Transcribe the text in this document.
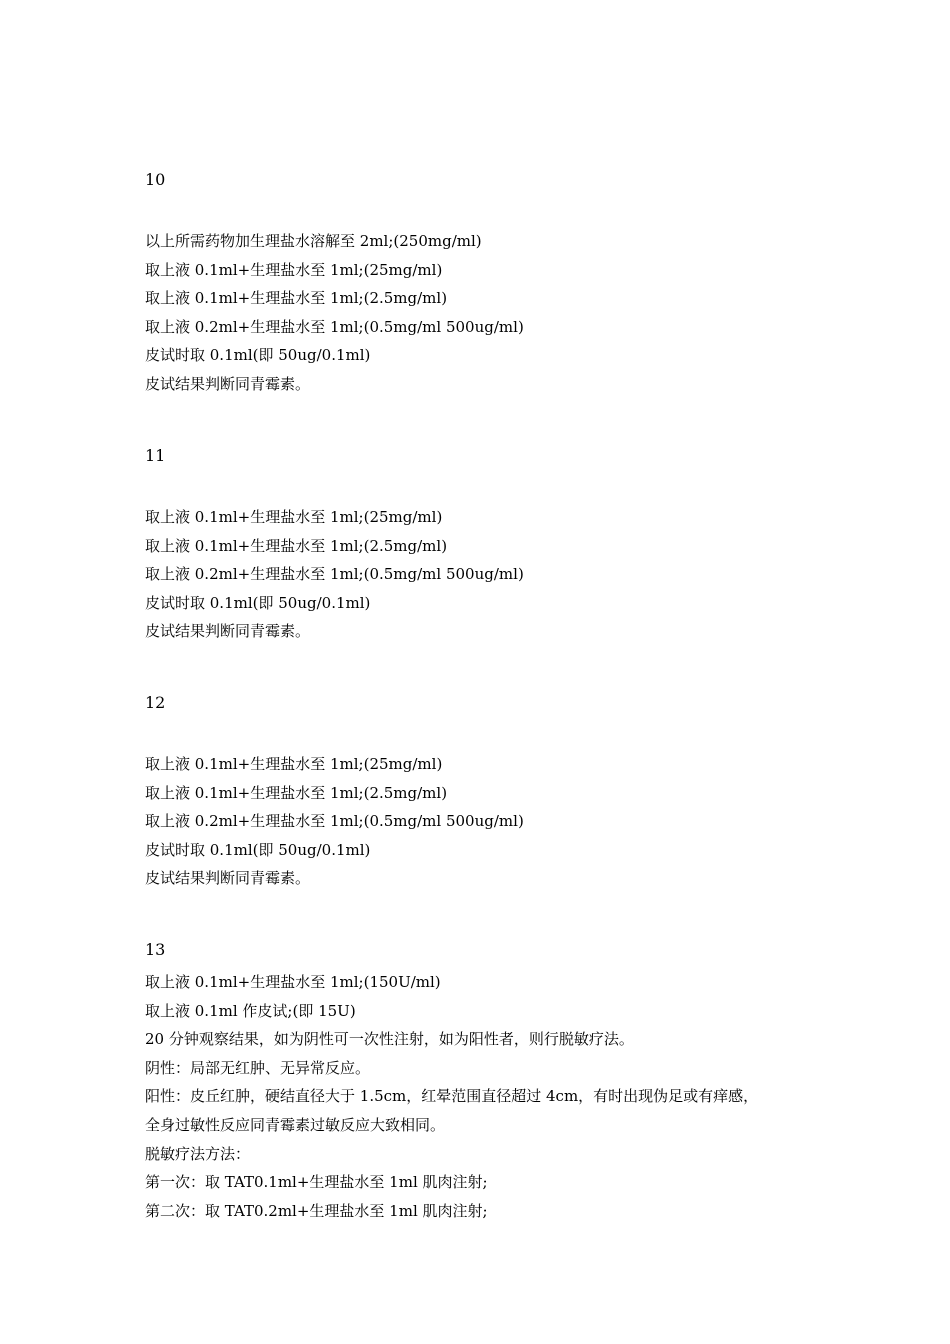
10
以上所需药物加生理盐水溶解至 2ml;(250mg/ml)
取上液 0.1ml+生理盐水至 1ml;(25mg/ml)
取上液 0.1ml+生理盐水至 1ml;(2.5mg/ml)
取上液 0.2ml+生理盐水至 1ml;(0.5mg/ml 500ug/ml)
皮试时取 0.1ml(即 50ug/0.1ml)
皮试结果判断同青霉素。
11
取上液 0.1ml+生理盐水至 1ml;(25mg/ml)
取上液 0.1ml+生理盐水至 1ml;(2.5mg/ml)
取上液 0.2ml+生理盐水至 1ml;(0.5mg/ml 500ug/ml)
皮试时取 0.1ml(即 50ug/0.1ml)
皮试结果判断同青霉素。
12
取上液 0.1ml+生理盐水至 1ml;(25mg/ml)
取上液 0.1ml+生理盐水至 1ml;(2.5mg/ml)
取上液 0.2ml+生理盐水至 1ml;(0.5mg/ml 500ug/ml)
皮试时取 0.1ml(即 50ug/0.1ml)
皮试结果判断同青霉素。
13
取上液 0.1ml+生理盐水至 1ml;(150U/ml)
取上液 0.1ml 作皮试;(即 15U)
20 分钟观察结果，如为阴性可一次性注射，如为阳性者，则行脱敏疗法。
阴性：局部无红肿、无异常反应。
阳性：皮丘红肿，硬结直径大于 1.5cm，红晕范围直径超过 4cm，有时出现伪足或有痒感，
全身过敏性反应同青霉素过敏反应大致相同。
脱敏疗法方法：
第一次：取 TAT0.1ml+生理盐水至 1ml 肌肉注射;
第二次：取 TAT0.2ml+生理盐水至 1ml 肌肉注射;
